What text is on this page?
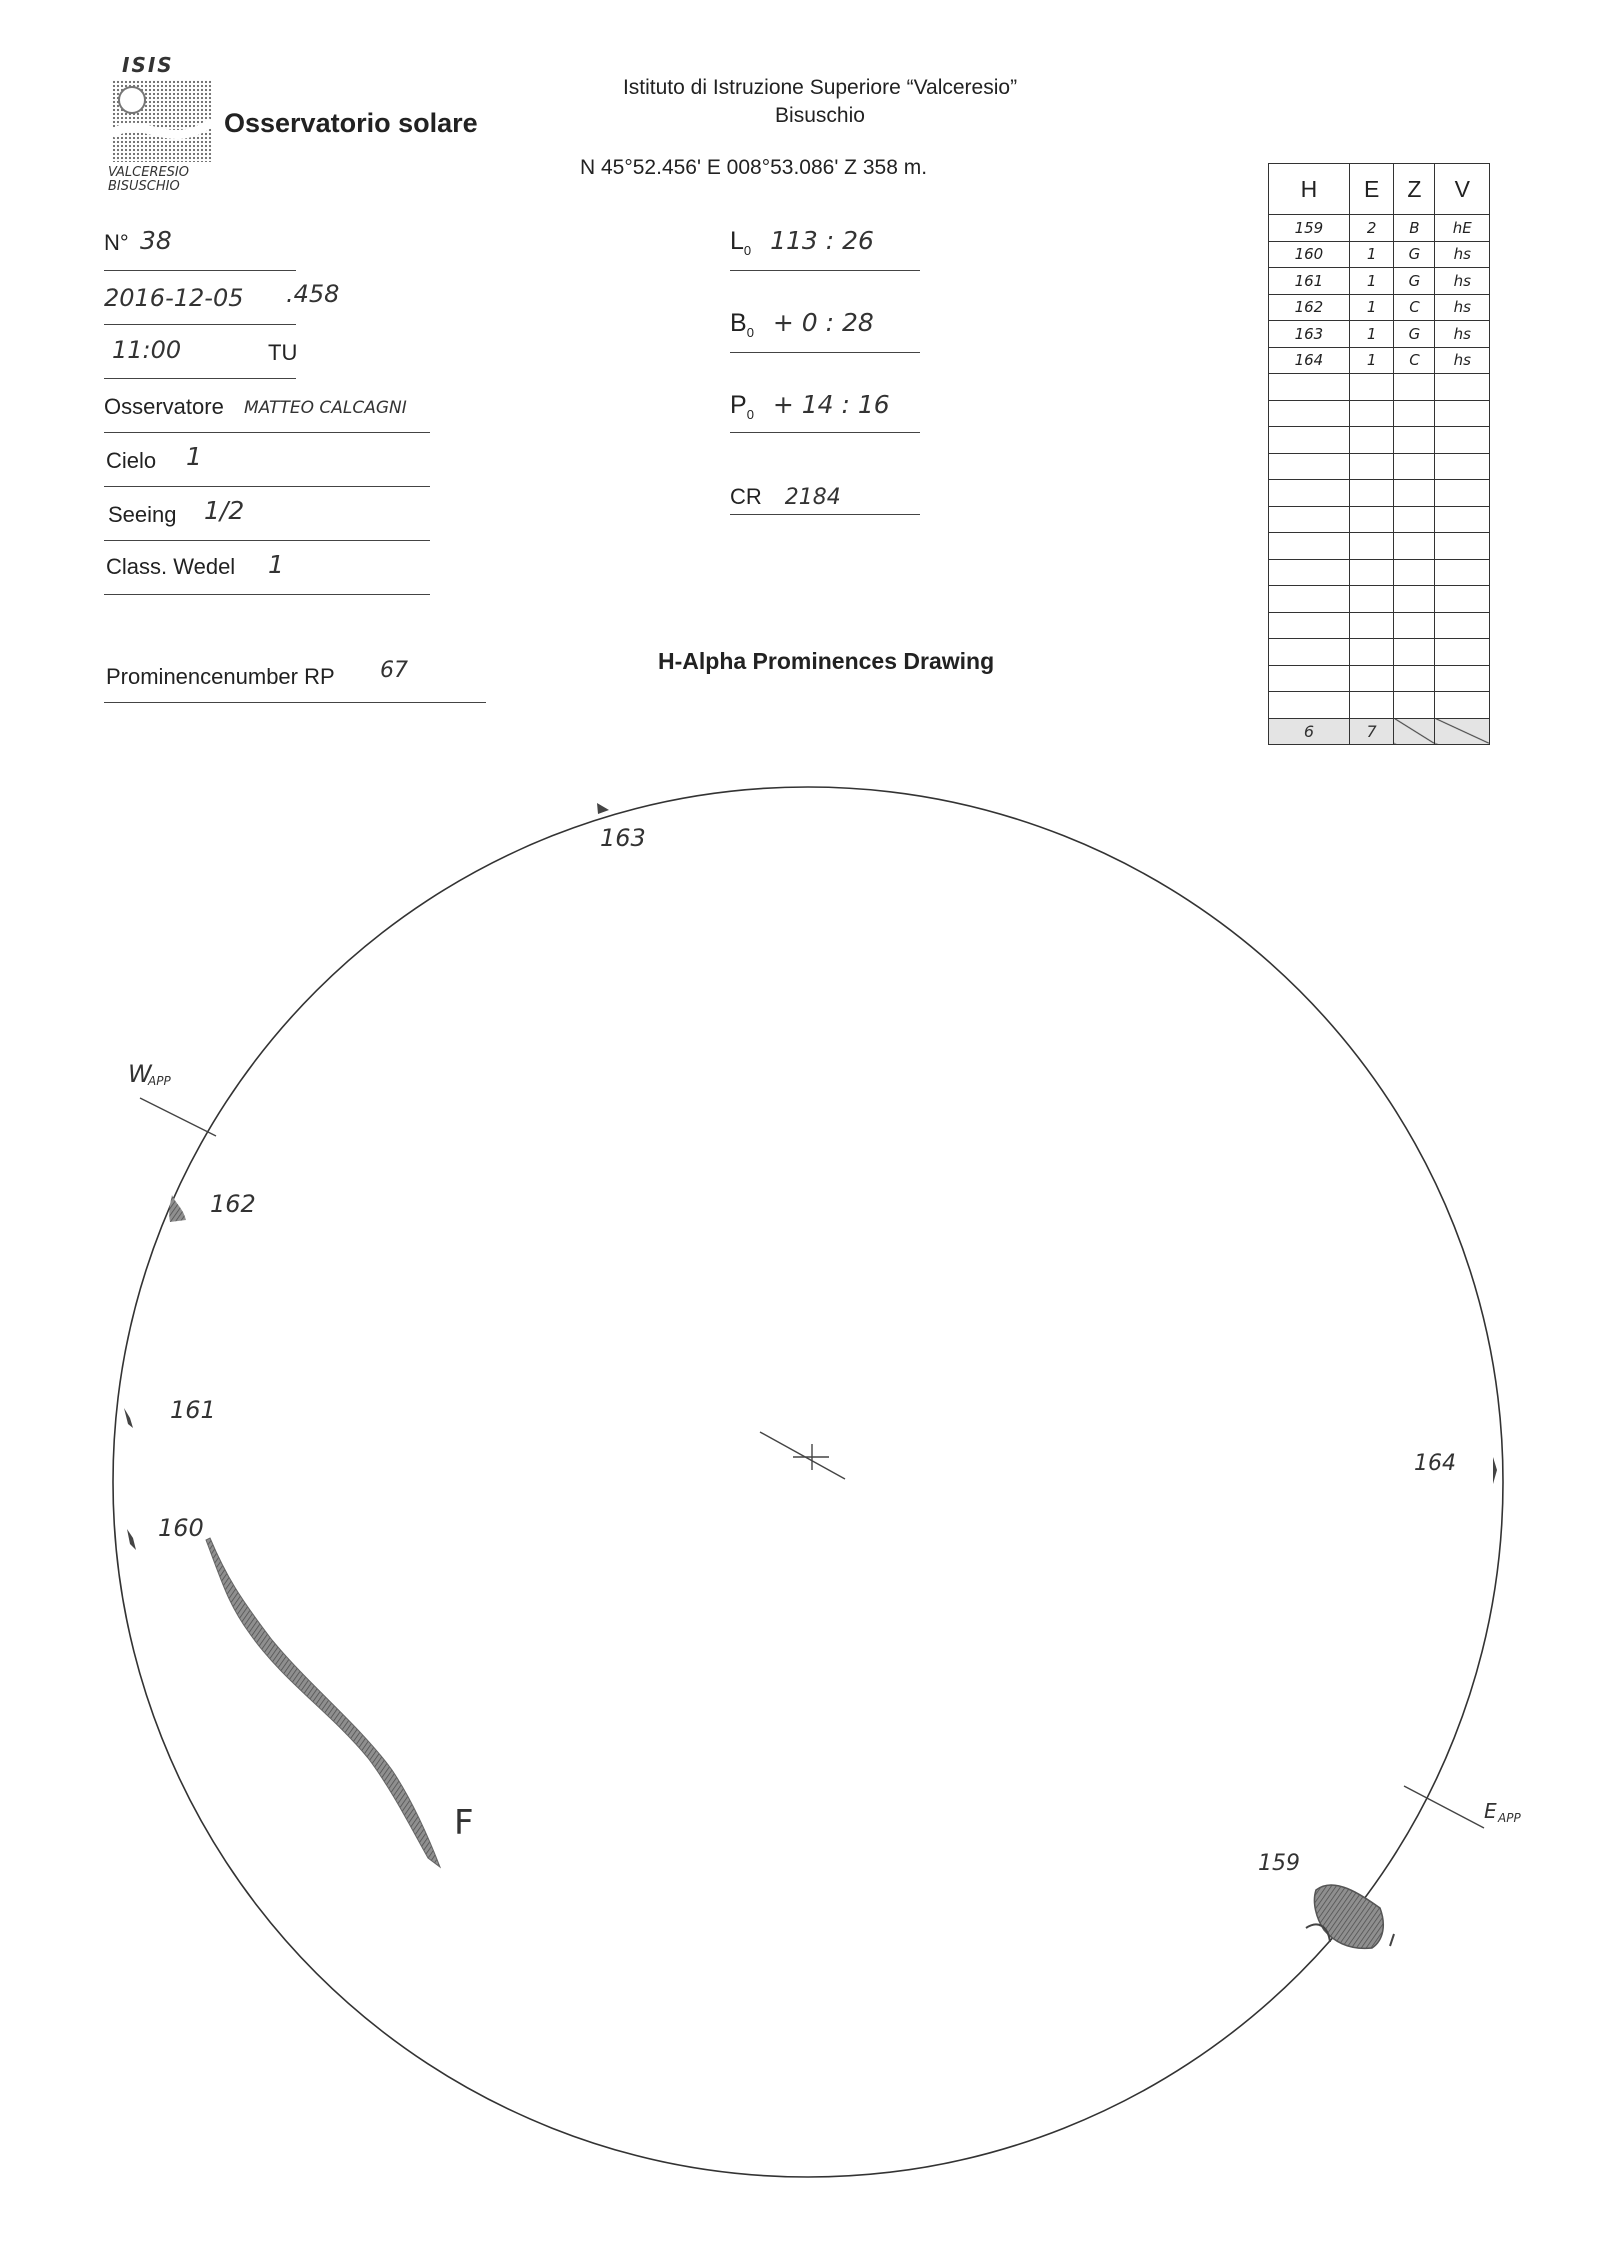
ISIS
VALCERESIO
BISUSCHIO
Osservatorio solare
Istituto di Istruzione Superiore “Valceresio”
Bisuschio
N 45°52.456' E 008°53.086' Z 358 m.
N° 38
2016-12-05 .458
11:00	TU
Osservatore MATTEO CALCAGNI
Cielo 1
Seeing 1/2
Class. Wedel 1
Prominencenumber RP 67
$L_0$ 113 : 26
$B_0 + 0$ : 28
$P_0 + 14$ : 16
CR 2184
H-Alpha Prominences Drawing
H	E	Z	V
159	2	B	hE
160	1	G	hs
161	1	G	hs
162	1	C	hs
163	1	G	hs
164	1	C	hs

6	7		
163
162
161
160
164
159
W
APP
E APP
F
